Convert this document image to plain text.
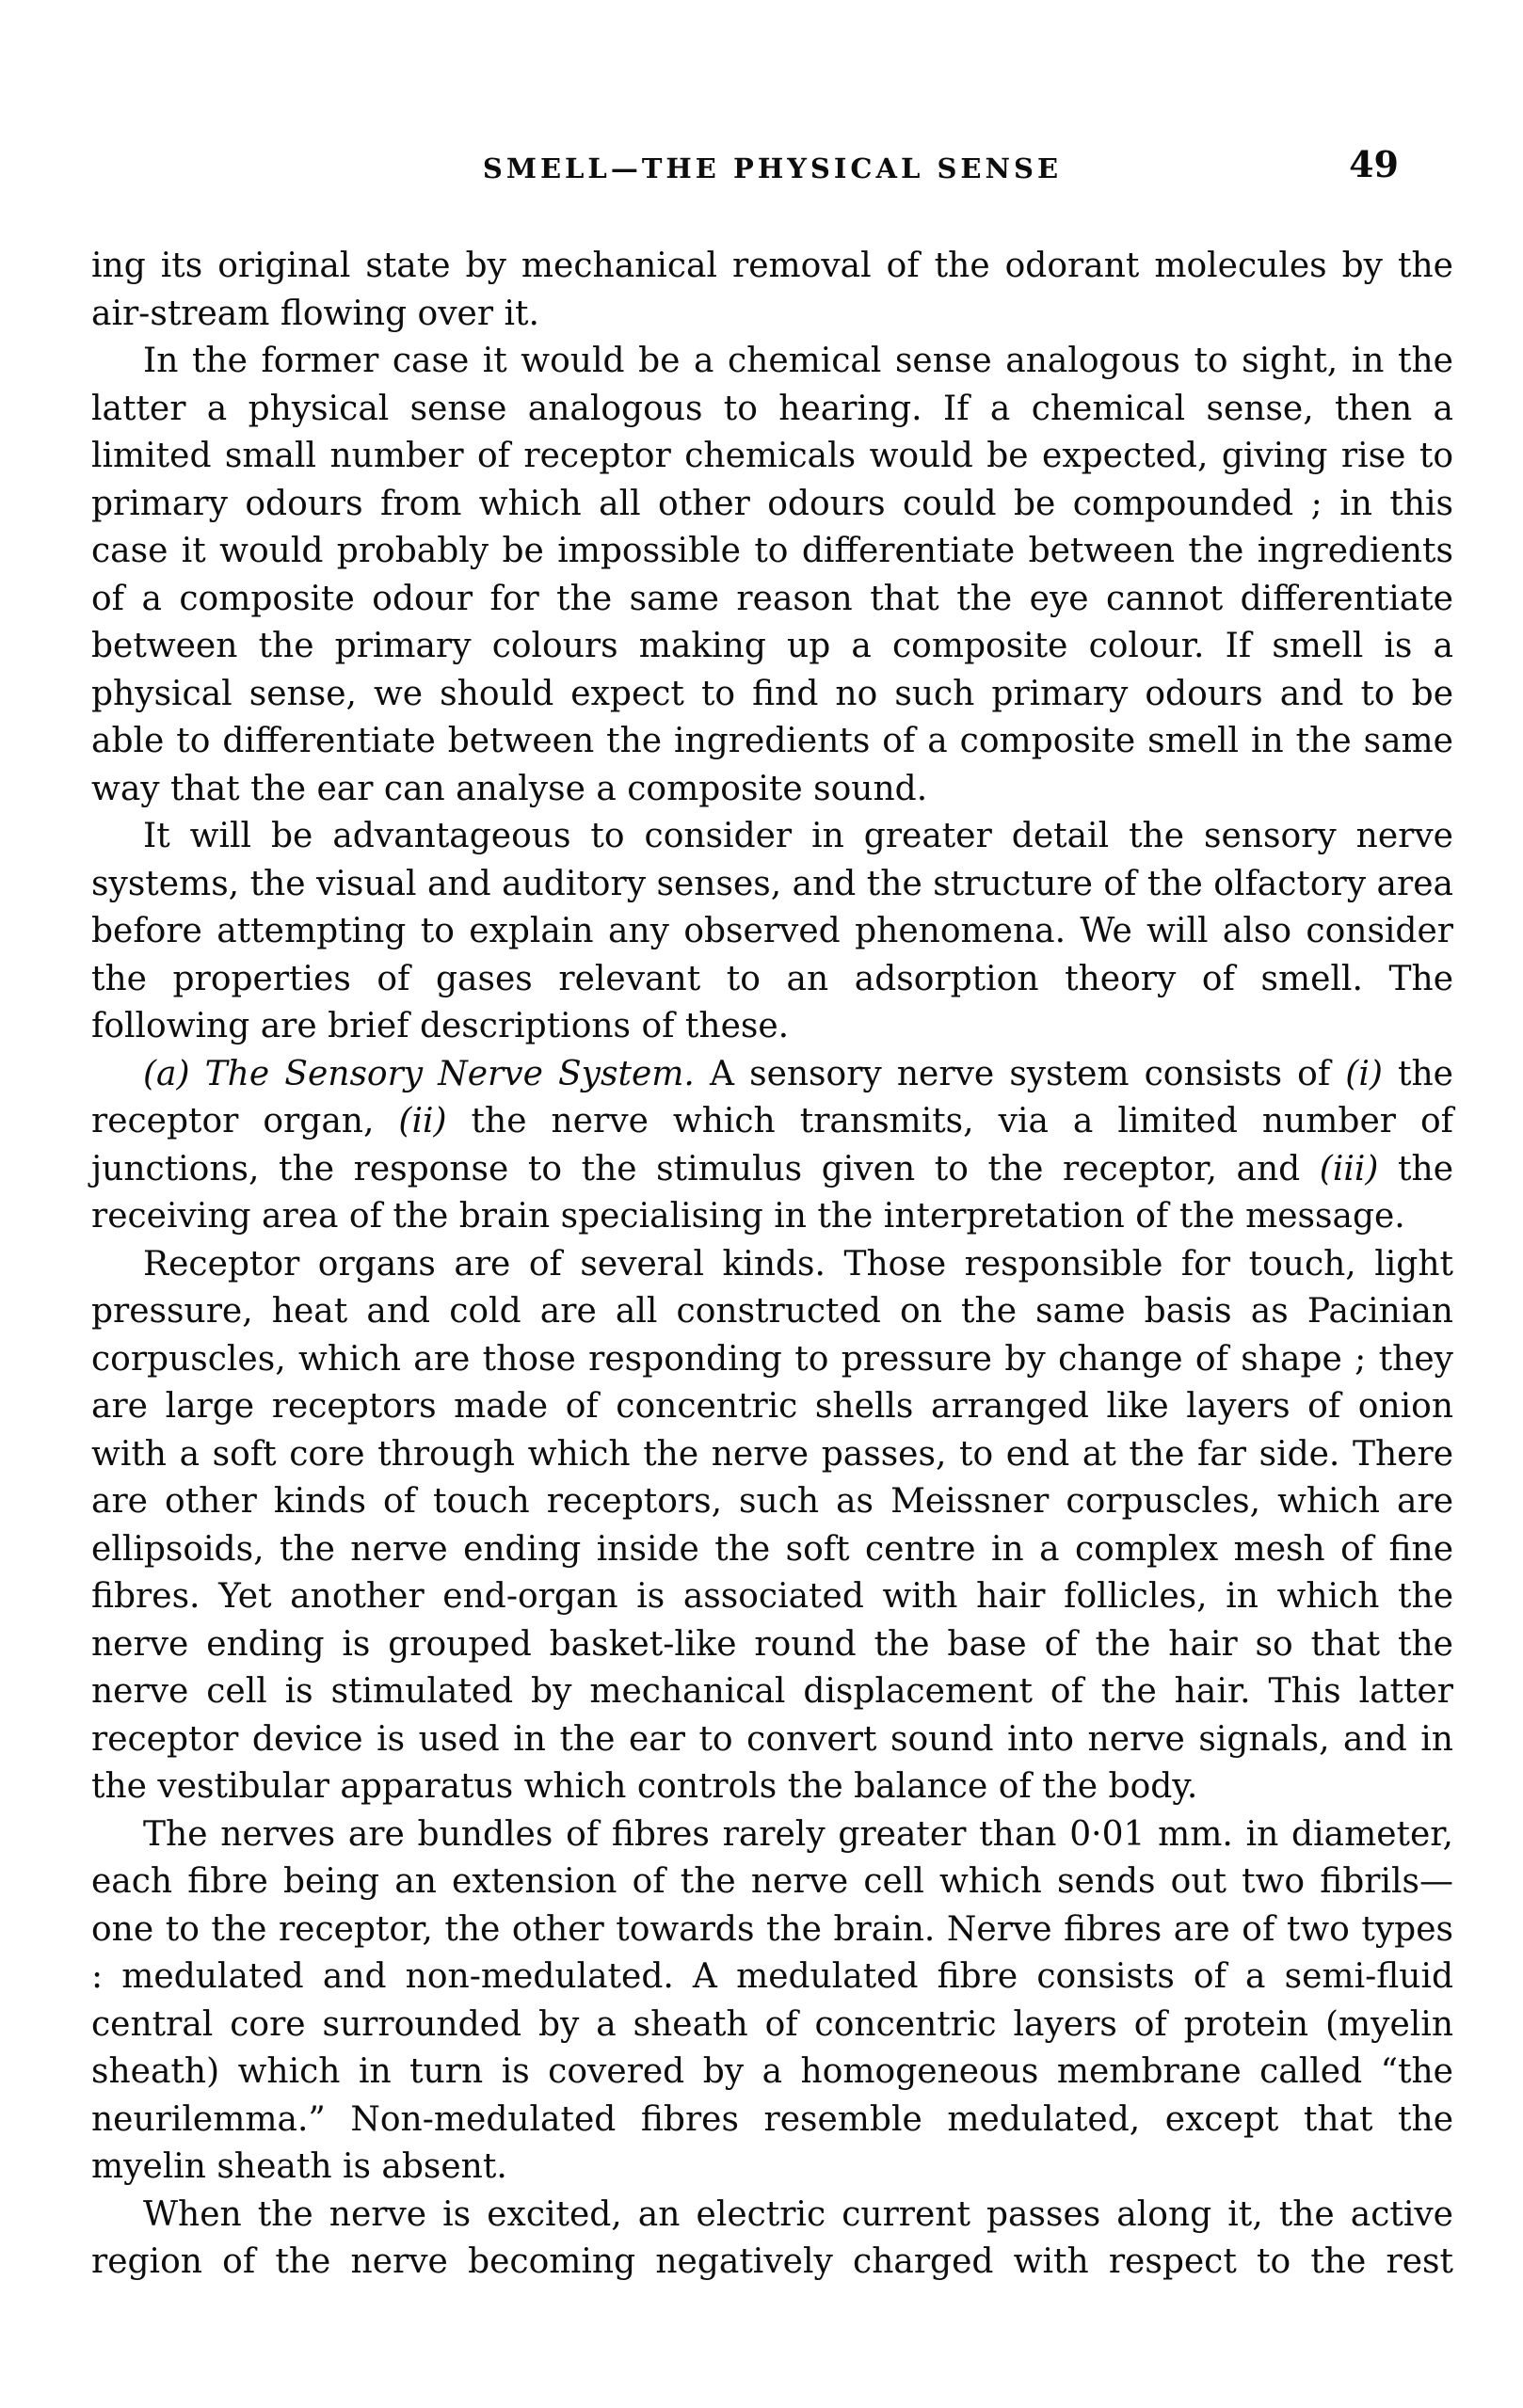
SMELL—THE PHYSICAL SENSE	49

ing its original state by mechanical removal of the odorant molecules by the air-stream flowing over it.

In the former case it would be a chemical sense analogous to sight, in the latter a physical sense analogous to hearing. If a chemical sense, then a limited small number of receptor chemicals would be expected, giving rise to primary odours from which all other odours could be compounded ; in this case it would probably be impossible to differentiate between the ingredients of a composite odour for the same reason that the eye cannot differentiate between the primary colours making up a composite colour. If smell is a physical sense, we should expect to find no such primary odours and to be able to differentiate between the ingredients of a composite smell in the same way that the ear can analyse a composite sound.

It will be advantageous to consider in greater detail the sensory nerve systems, the visual and auditory senses, and the structure of the olfactory area before attempting to explain any observed phenomena. We will also consider the properties of gases relevant to an adsorption theory of smell. The following are brief descriptions of these.

(a) The Sensory Nerve System. A sensory nerve system consists of (i) the receptor organ, (ii) the nerve which transmits, via a limited number of junctions, the response to the stimulus given to the receptor, and (iii) the receiving area of the brain specialising in the interpretation of the message.

Receptor organs are of several kinds. Those responsible for touch, light pressure, heat and cold are all constructed on the same basis as Pacinian corpuscles, which are those responding to pressure by change of shape ; they are large receptors made of concentric shells arranged like layers of onion with a soft core through which the nerve passes, to end at the far side. There are other kinds of touch receptors, such as Meissner corpuscles, which are ellipsoids, the nerve ending inside the soft centre in a complex mesh of fine fibres. Yet another end-organ is associated with hair follicles, in which the nerve ending is grouped basket-like round the base of the hair so that the nerve cell is stimulated by mechanical displacement of the hair. This latter receptor device is used in the ear to convert sound into nerve signals, and in the vestibular apparatus which controls the balance of the body.

The nerves are bundles of fibres rarely greater than 0·01 mm. in diameter, each fibre being an extension of the nerve cell which sends out two fibrils—one to the receptor, the other towards the brain. Nerve fibres are of two types : medulated and non-medulated. A medulated fibre consists of a semi-fluid central core surrounded by a sheath of concentric layers of protein (myelin sheath) which in turn is covered by a homogeneous membrane called “the neurilemma.” Non-medulated fibres resemble medulated, except that the myelin sheath is absent.

When the nerve is excited, an electric current passes along it, the active region of the nerve becoming negatively charged with respect to the rest
